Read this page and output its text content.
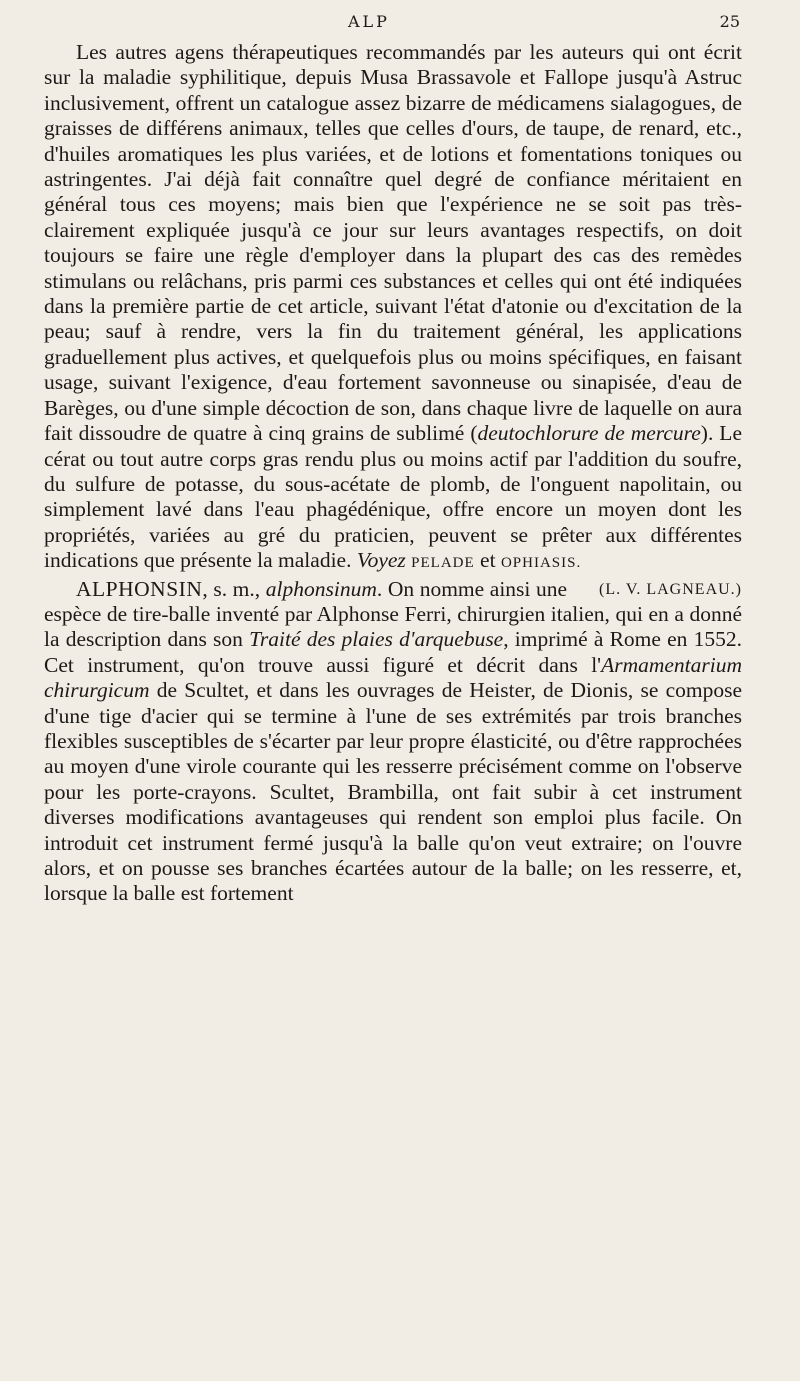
ALP	25

Les autres agens thérapeutiques recommandés par les auteurs qui ont écrit sur la maladie syphilitique, depuis Musa Brassavole et Fallope jusqu'à Astruc inclusivement, offrent un catalogue assez bizarre de médicamens sialagogues, de graisses de différens animaux, telles que celles d'ours, de taupe, de renard, etc., d'huiles aromatiques les plus variées, et de lotions et fomentations toniques ou astringentes. J'ai déjà fait connaître quel degré de confiance méritaient en général tous ces moyens; mais bien que l'expérience ne se soit pas très-clairement expliquée jusqu'à ce jour sur leurs avantages respectifs, on doit toujours se faire une règle d'employer dans la plupart des cas des remèdes stimulans ou relâchans, pris parmi ces substances et celles qui ont été indiquées dans la première partie de cet article, suivant l'état d'atonie ou d'excitation de la peau; sauf à rendre, vers la fin du traitement général, les applications graduellement plus actives, et quelquefois plus ou moins spécifiques, en faisant usage, suivant l'exigence, d'eau fortement savonneuse ou sinapisée, d'eau de Barèges, ou d'une simple décoction de son, dans chaque livre de laquelle on aura fait dissoudre de quatre à cinq grains de sublimé (deutochlorure de mercure). Le cérat ou tout autre corps gras rendu plus ou moins actif par l'addition du soufre, du sulfure de potasse, du sous-acétate de plomb, de l'onguent napolitain, ou simplement lavé dans l'eau phagédénique, offre encore un moyen dont les propriétés, variées au gré du praticien, peuvent se prêter aux différentes indications que présente la maladie. Voyez PELADE et OPHIASIS.
(L. V. LAGNEAU.)

ALPHONSIN, s. m., alphonsinum. On nomme ainsi une espèce de tire-balle inventé par Alphonse Ferri, chirurgien italien, qui en a donné la description dans son Traité des plaies d'arquebuse, imprimé à Rome en 1552. Cet instrument, qu'on trouve aussi figuré et décrit dans l'Armamentarium chirurgicum de Scultet, et dans les ouvrages de Heister, de Dionis, se compose d'une tige d'acier qui se termine à l'une de ses extrémités par trois branches flexibles susceptibles de s'écarter par leur propre élasticité, ou d'être rapprochées au moyen d'une virole courante qui les resserre précisément comme on l'observe pour les porte-crayons. Scultet, Brambilla, ont fait subir à cet instrument diverses modifications avantageuses qui rendent son emploi plus facile. On introduit cet instrument fermé jusqu'à la balle qu'on veut extraire; on l'ouvre alors, et on pousse ses branches écartées autour de la balle; on les resserre, et, lorsque la balle est fortement
